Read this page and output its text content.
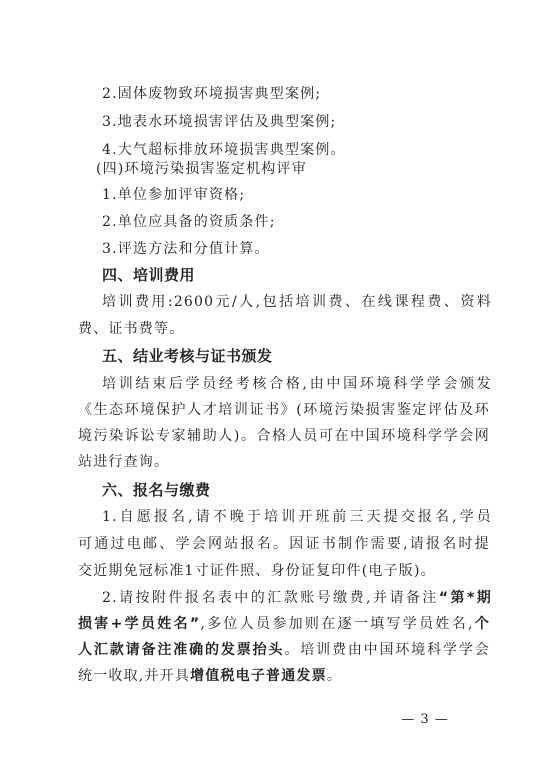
2.固体废物致环境损害典型案例;
3.地表水环境损害评估及典型案例;
4.大气超标排放环境损害典型案例。
(四)环境污染损害鉴定机构评审
1.单位参加评审资格;
2.单位应具备的资质条件;
3.评选方法和分值计算。
四、培训费用
培训费用:2600元/人,包括培训费、在线课程费、资料
费、证书费等。
五、结业考核与证书颁发
培训结束后学员经考核合格,由中国环境科学学会颁发
《生态环境保护人才培训证书》(环境污染损害鉴定评估及环
境污染诉讼专家辅助人)。合格人员可在中国环境科学学会网
站进行查询。
六、报名与缴费
1.自愿报名,请不晚于培训开班前三天提交报名,学员
可通过电邮、学会网站报名。因证书制作需要,请报名时提
交近期免冠标准1寸证件照、身份证复印件(电子版)。
2.请按附件报名表中的汇款账号缴费,并请备注“第*期
损害+学员姓名”,多位人员参加则在逐一填写学员姓名,个
人汇款请备注准确的发票抬头。培训费由中国环境科学学会
统一收取,并开具增值税电子普通发票。
— 3 —
